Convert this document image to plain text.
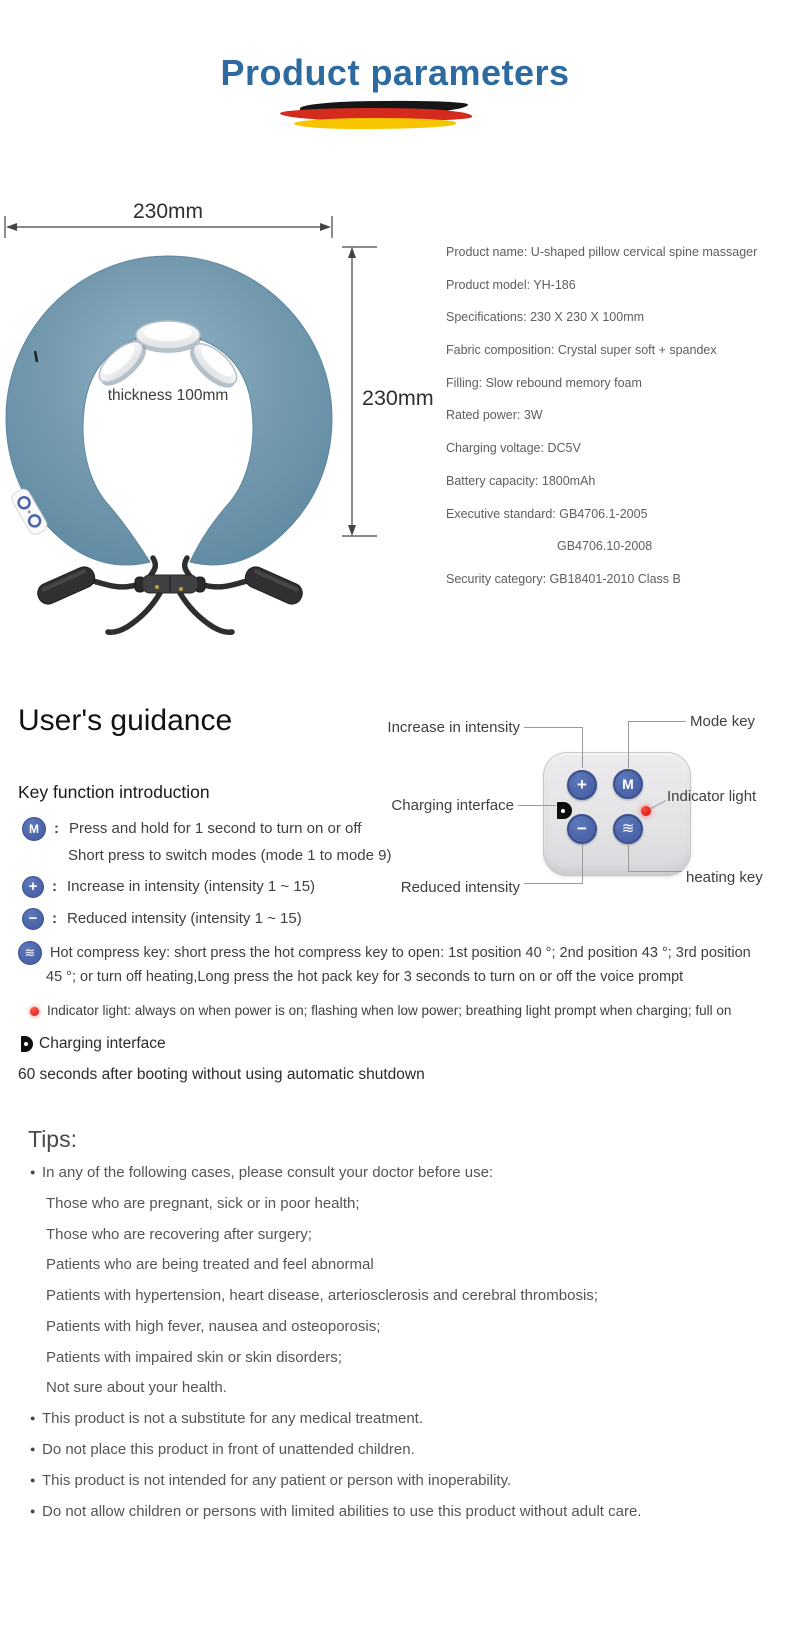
Product parameters
230mm
230mm
thickness 100mm
Product name: U-shaped pillow cervical spine massager
Product model: YH-186
Specifications: 230 X 230 X 100mm
Fabric composition: Crystal super soft + spandex
Filling: Slow rebound memory foam
Rated power: 3W
Charging voltage: DC5V
Battery capacity: 1800mAh
Executive standard: GB4706.1-2005
GB4706.10-2008
Security category: GB18401-2010 Class B
User's guidance
Key function introduction	+	M
−	≋
Increase in intensity	Mode key
Charging interface
Indicator light
Reduced intensity
heating key
M : Press and hold for 1 second to turn on or off
Short press to switch modes (mode 1 to mode 9)
+ : Increase in intensity (intensity 1 ~ 15)
− : Reduced intensity (intensity 1 ~ 15)
≋ Hot compress key: short press the hot compress key to open: 1st position 40 °; 2nd position 43 °; 3rd position
45 °; or turn off heating,Long press the hot pack key for 3 seconds to turn on or off the voice prompt
Indicator light: always on when power is on; flashing when low power; breathing light prompt when charging; full on
Charging interface
60 seconds after booting without using automatic shutdown
Tips:
● In any of the following cases, please consult your doctor before use:
Those who are pregnant, sick or in poor health;
Those who are recovering after surgery;
Patients who are being treated and feel abnormal
Patients with hypertension, heart disease, arteriosclerosis and cerebral thrombosis;
Patients with high fever, nausea and osteoporosis;
Patients with impaired skin or skin disorders;
Not sure about your health.
● This product is not a substitute for any medical treatment.
● Do not place this product in front of unattended children.
● This product is not intended for any patient or person with inoperability.
● Do not allow children or persons with limited abilities to use this product without adult care.
